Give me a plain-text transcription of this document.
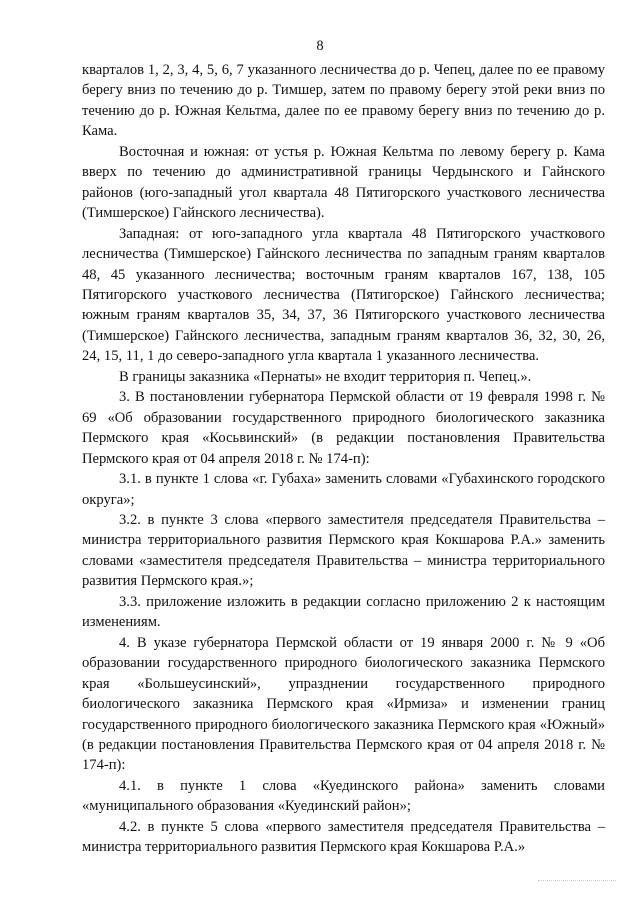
8

кварталов 1, 2, 3, 4, 5, 6, 7 указанного лесничества до р. Чепец, далее по ее правому берегу вниз по течению до р. Тимшер, затем по правому берегу этой реки вниз по течению до р. Южная Кельтма, далее по ее правому берегу вниз по течению до р. Кама.

Восточная и южная: от устья р. Южная Кельтма по левому берегу р. Кама вверх по течению до административной границы Чердынского и Гайнского районов (юго-западный угол квартала 48 Пятигорского участкового лесничества (Тимшерское) Гайнского лесничества).

Западная: от юго-западного угла квартала 48 Пятигорского участкового лесничества (Тимшерское) Гайнского лесничества по западным граням кварталов 48, 45 указанного лесничества; восточным граням кварталов 167, 138, 105 Пятигорского участкового лесничества (Пятигорское) Гайнского лесничества; южным граням кварталов 35, 34, 37, 36 Пятигорского участкового лесничества (Тимшерское) Гайнского лесничества, западным граням кварталов 36, 32, 30, 26, 24, 15, 11, 1 до северо-западного угла квартала 1 указанного лесничества.

В границы заказника «Пернаты» не входит территория п. Чепец.».

3. В постановлении губернатора Пермской области от 19 февраля 1998 г. № 69 «Об образовании государственного природного биологического заказника Пермского края «Косьвинский» (в редакции постановления Правительства Пермского края от 04 апреля 2018 г. № 174-п):

3.1. в пункте 1 слова «г. Губаха» заменить словами «Губахинского городского округа»;

3.2. в пункте 3 слова «первого заместителя председателя Правительства – министра территориального развития Пермского края Кокшарова Р.А.» заменить словами «заместителя председателя Правительства – министра территориального развития Пермского края.»;

3.3. приложение изложить в редакции согласно приложению 2 к настоящим изменениям.

4. В указе губернатора Пермской области от 19 января 2000 г. № 9 «Об образовании государственного природного биологического заказника Пермского края «Большеусинский», упразднении государственного природного биологического заказника Пермского края «Ирмиза» и изменении границ государственного природного биологического заказника Пермского края «Южный» (в редакции постановления Правительства Пермского края от 04 апреля 2018 г. № 174-п):

4.1. в пункте 1 слова «Куединского района» заменить словами «муниципального образования «Куединский район»;

4.2. в пункте 5 слова «первого заместителя председателя Правительства – министра территориального развития Пермского края Кокшарова Р.А.»
